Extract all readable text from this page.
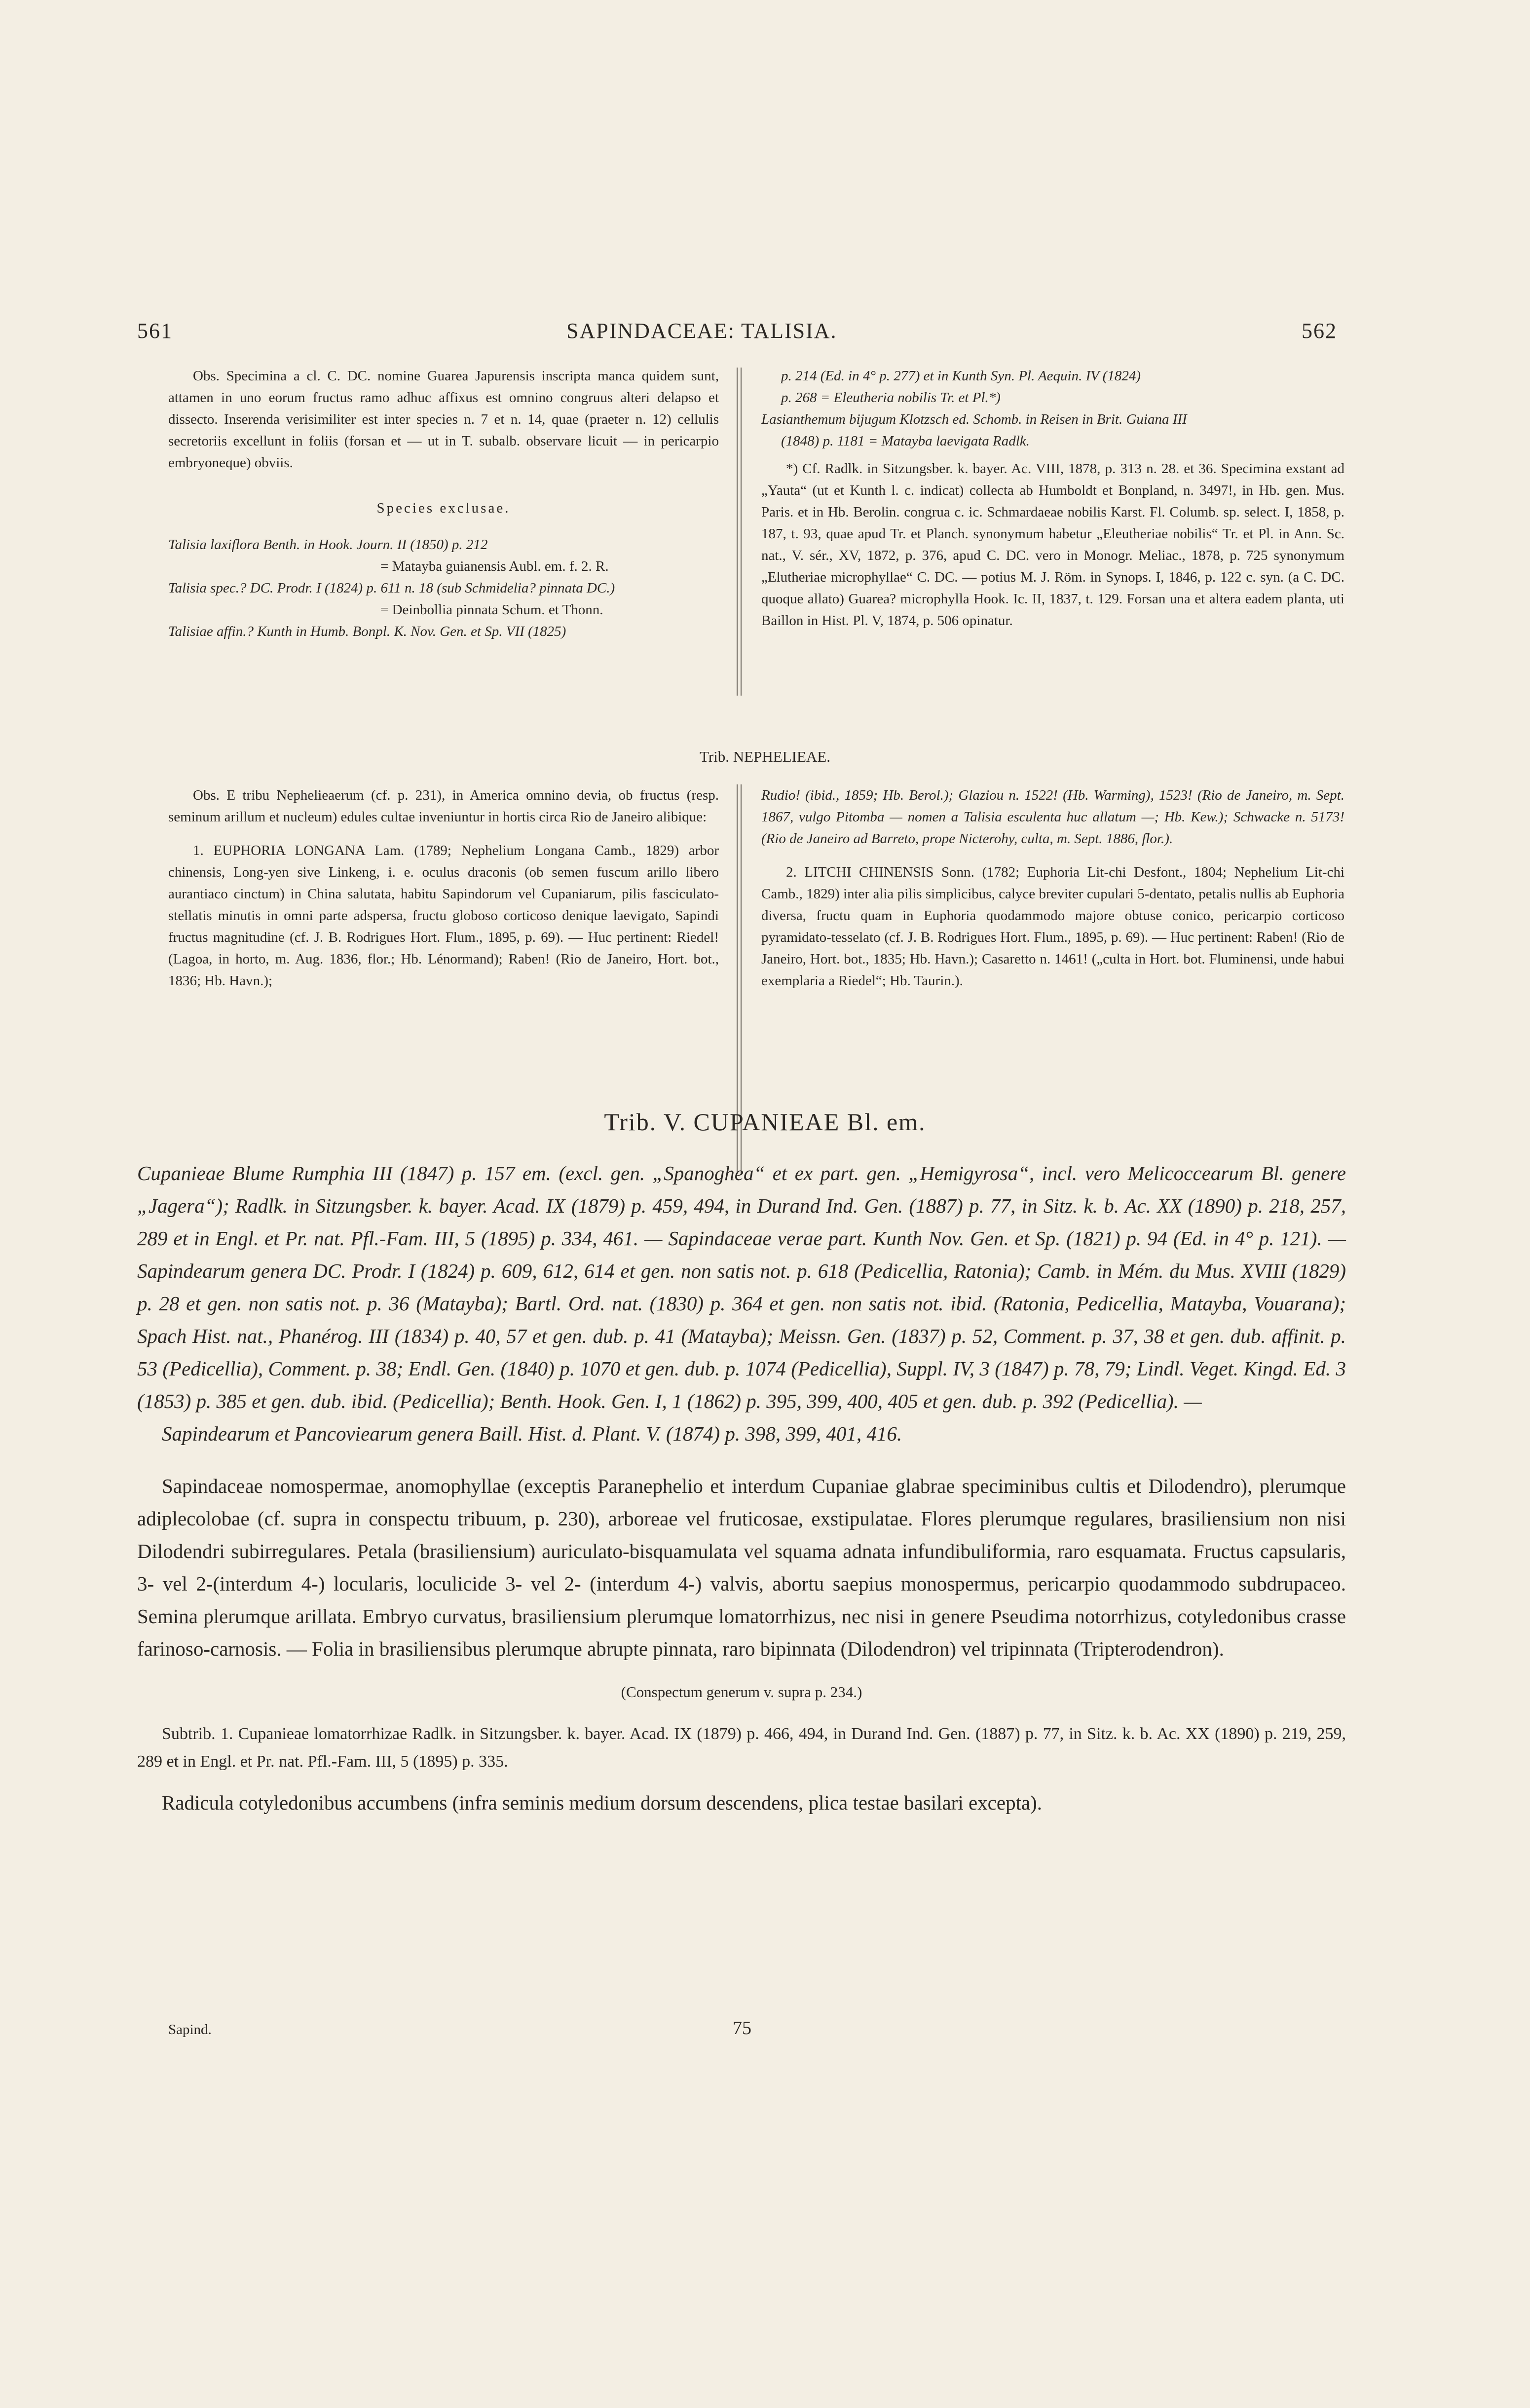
561	SAPINDACEAE: TALISIA.	562

Obs. Specimina a cl. C. DC. nomine Guarea Japurensis inscripta manca quidem sunt, attamen in uno eorum fructus ramo adhuc affixus est omnino congruus alteri delapso et dissecto. Inserenda verisimiliter est inter species n. 7 et n. 14, quae (praeter n. 12) cellulis secretoriis excellunt in foliis (forsan et — ut in T. subalb. observare licuit — in pericarpio embryoneque) obviis.

Species exclusae.

Talisia laxiflora Benth. in Hook. Journ. II (1850) p. 212

= Matayba guianensis Aubl. em. f. 2. R.

Talisia spec.? DC. Prodr. I (1824) p. 611 n. 18 (sub Schmidelia? pinnata DC.)

= Deinbollia pinnata Schum. et Thonn.

Talisiae affin.? Kunth in Humb. Bonpl. K. Nov. Gen. et Sp. VII (1825)

p. 214 (Ed. in 4° p. 277) et in Kunth Syn. Pl. Aequin. IV (1824)

p. 268 = Eleutheria nobilis Tr. et Pl.*)

Lasianthemum bijugum Klotzsch ed. Schomb. in Reisen in Brit. Guiana III

(1848) p. 1181 = Matayba laevigata Radlk.

*) Cf. Radlk. in Sitzungsber. k. bayer. Ac. VIII, 1878, p. 313 n. 28. et 36. Specimina exstant ad „Yauta“ (ut et Kunth l. c. indicat) collecta ab Humboldt et Bonpland, n. 3497!, in Hb. gen. Mus. Paris. et in Hb. Berolin. congrua c. ic. Schmardaeae nobilis Karst. Fl. Columb. sp. select. I, 1858, p. 187, t. 93, quae apud Tr. et Planch. synonymum habetur „Eleutheriae nobilis“ Tr. et Pl. in Ann. Sc. nat., V. sér., XV, 1872, p. 376, apud C. DC. vero in Monogr. Meliac., 1878, p. 725 synonymum „Elutheriae microphyllae“ C. DC. — potius M. J. Röm. in Synops. I, 1846, p. 122 c. syn. (a C. DC. quoque allato) Guarea? microphylla Hook. Ic. II, 1837, t. 129. Forsan una et altera eadem planta, uti Baillon in Hist. Pl. V, 1874, p. 506 opinatur.

Trib. NEPHELIEAE.

Obs. E tribu Nephelieaerum (cf. p. 231), in America omnino devia, ob fructus (resp. seminum arillum et nucleum) edules cultae inveniuntur in hortis circa Rio de Janeiro alibique:

1. EUPHORIA LONGANA Lam. (1789; Nephelium Longana Camb., 1829) arbor chinensis, Long-yen sive Linkeng, i. e. oculus draconis (ob semen fuscum arillo libero aurantiaco cinctum) in China salutata, habitu Sapindorum vel Cupaniarum, pilis fasciculato-stellatis minutis in omni parte adspersa, fructu globoso corticoso denique laevigato, Sapindi fructus magnitudine (cf. J. B. Rodrigues Hort. Flum., 1895, p. 69). — Huc pertinent: Riedel! (Lagoa, in horto, m. Aug. 1836, flor.; Hb. Lénormand); Raben! (Rio de Janeiro, Hort. bot., 1836; Hb. Havn.);

Rudio! (ibid., 1859; Hb. Berol.); Glaziou n. 1522! (Hb. Warming), 1523! (Rio de Janeiro, m. Sept. 1867, vulgo Pitomba — nomen a Talisia esculenta huc allatum —; Hb. Kew.); Schwacke n. 5173! (Rio de Janeiro ad Barreto, prope Nicterohy, culta, m. Sept. 1886, flor.).

2. LITCHI CHINENSIS Sonn. (1782; Euphoria Lit-chi Desfont., 1804; Nephelium Lit-chi Camb., 1829) inter alia pilis simplicibus, calyce breviter cupulari 5-dentato, petalis nullis ab Euphoria diversa, fructu quam in Euphoria quodammodo majore obtuse conico, pericarpio corticoso pyramidato-tesselato (cf. J. B. Rodrigues Hort. Flum., 1895, p. 69). — Huc pertinent: Raben! (Rio de Janeiro, Hort. bot., 1835; Hb. Havn.); Casaretto n. 1461! („culta in Hort. bot. Fluminensi, unde habui exemplaria a Riedel“; Hb. Taurin.).

Trib. V. CUPANIEAE Bl. em.

Cupanieae Blume Rumphia III (1847) p. 157 em. (excl. gen. „Spanoghea“ et ex part. gen. „Hemigyrosa“, incl. vero Melicoccearum Bl. genere „Jagera“); Radlk. in Sitzungsber. k. bayer. Acad. IX (1879) p. 459, 494, in Durand Ind. Gen. (1887) p. 77, in Sitz. k. b. Ac. XX (1890) p. 218, 257, 289 et in Engl. et Pr. nat. Pfl.-Fam. III, 5 (1895) p. 334, 461. — Sapindaceae verae part. Kunth Nov. Gen. et Sp. (1821) p. 94 (Ed. in 4° p. 121). — Sapindearum genera DC. Prodr. I (1824) p. 609, 612, 614 et gen. non satis not. p. 618 (Pedicellia, Ratonia); Camb. in Mém. du Mus. XVIII (1829) p. 28 et gen. non satis not. p. 36 (Matayba); Bartl. Ord. nat. (1830) p. 364 et gen. non satis not. ibid. (Ratonia, Pedicellia, Matayba, Vouarana); Spach Hist. nat., Phanérog. III (1834) p. 40, 57 et gen. dub. p. 41 (Matayba); Meissn. Gen. (1837) p. 52, Comment. p. 37, 38 et gen. dub. affinit. p. 53 (Pedicellia), Comment. p. 38; Endl. Gen. (1840) p. 1070 et gen. dub. p. 1074 (Pedicellia), Suppl. IV, 3 (1847) p. 78, 79; Lindl. Veget. Kingd. Ed. 3 (1853) p. 385 et gen. dub. ibid. (Pedicellia); Benth. Hook. Gen. I, 1 (1862) p. 395, 399, 400, 405 et gen. dub. p. 392 (Pedicellia). —

Sapindearum et Pancoviearum genera Baill. Hist. d. Plant. V. (1874) p. 398, 399, 401, 416.

Sapindaceae nomospermae, anomophyllae (exceptis Paranephelio et interdum Cupaniae glabrae speciminibus cultis et Dilodendro), plerumque adiplecolobae (cf. supra in conspectu tribuum, p. 230), arboreae vel fruticosae, exstipulatae. Flores plerumque regulares, brasiliensium non nisi Dilodendri subirregulares. Petala (brasiliensium) auriculato-bisquamulata vel squama adnata infundibuliformia, raro esquamata. Fructus capsularis, 3- vel 2-(interdum 4-) locularis, loculicide 3- vel 2- (interdum 4-) valvis, abortu saepius monospermus, pericarpio quodammodo subdrupaceo. Semina plerumque arillata. Embryo curvatus, brasiliensium plerumque lomatorrhizus, nec nisi in genere Pseudima notorrhizus, cotyledonibus crasse farinoso-carnosis. — Folia in brasiliensibus plerumque abrupte pinnata, raro bipinnata (Dilodendron) vel tripinnata (Tripterodendron).

(Conspectum generum v. supra p. 234.)

Subtrib. 1. Cupanieae lomatorrhizae Radlk. in Sitzungsber. k. bayer. Acad. IX (1879) p. 466, 494, in Durand Ind. Gen. (1887) p. 77, in Sitz. k. b. Ac. XX (1890) p. 219, 259, 289 et in Engl. et Pr. nat. Pfl.-Fam. III, 5 (1895) p. 335.

Radicula cotyledonibus accumbens (infra seminis medium dorsum descendens, plica testae basilari excepta).

Sapind.	75
